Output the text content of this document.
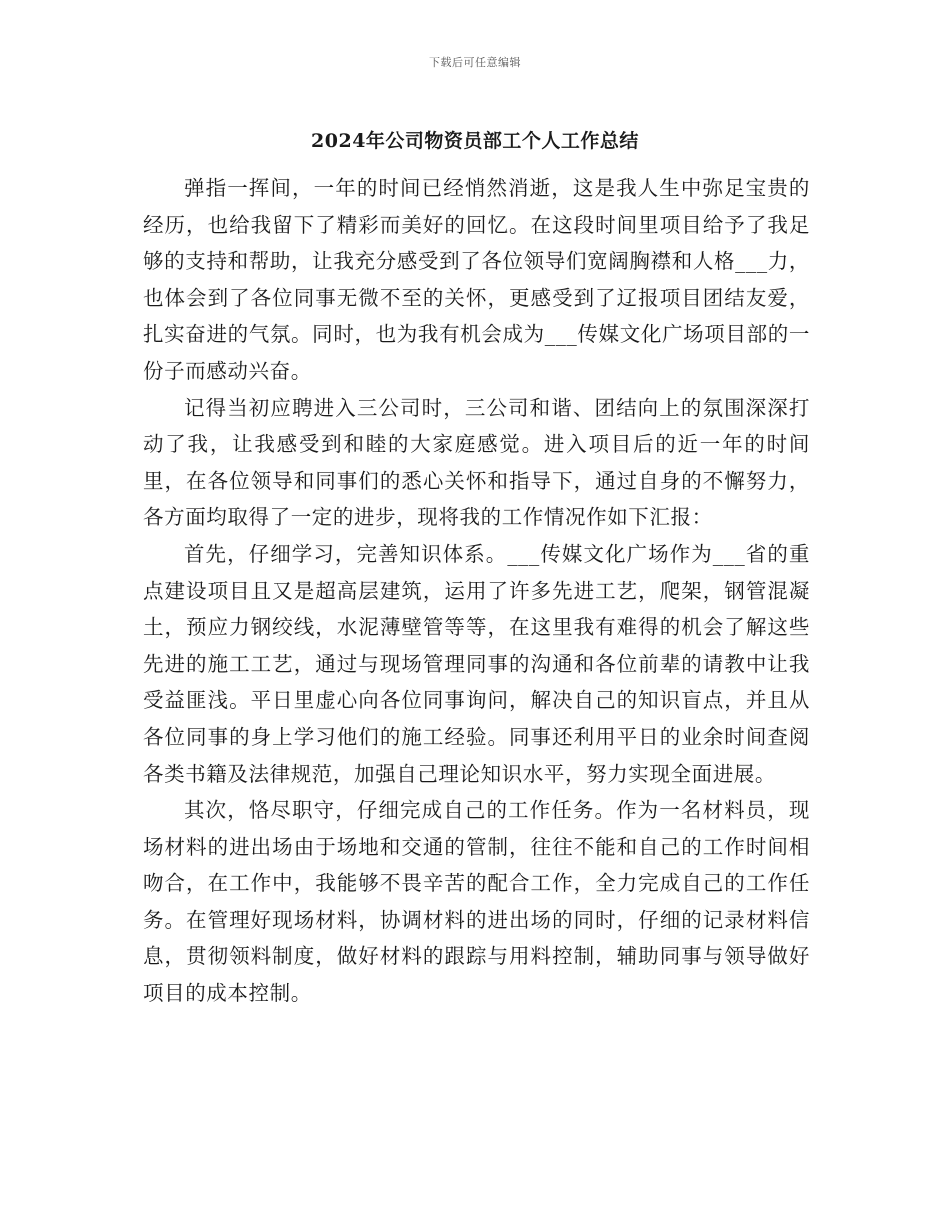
下载后可任意编辑
2024年公司物资员部工个人工作总结

弹指一挥间，一年的时间已经悄然消逝，这是我人生中弥足宝贵的经历，也给我留下了精彩而美好的回忆。在这段时间里项目给予了我足够的支持和帮助，让我充分感受到了各位领导们宽阔胸襟和人格___力，也体会到了各位同事无微不至的关怀，更感受到了辽报项目团结友爱，扎实奋进的气氛。同时，也为我有机会成为___传媒文化广场项目部的一份子而感动兴奋。

记得当初应聘进入三公司时，三公司和谐、团结向上的氛围深深打动了我，让我感受到和睦的大家庭感觉。进入项目后的近一年的时间里，在各位领导和同事们的悉心关怀和指导下，通过自身的不懈努力，各方面均取得了一定的进步，现将我的工作情况作如下汇报：

首先，仔细学习，完善知识体系。___传媒文化广场作为___省的重点建设项目且又是超高层建筑，运用了许多先进工艺，爬架，钢管混凝土，预应力钢绞线，水泥薄壁管等等，在这里我有难得的机会了解这些先进的施工工艺，通过与现场管理同事的沟通和各位前辈的请教中让我受益匪浅。平日里虚心向各位同事询问，解决自己的知识盲点，并且从各位同事的身上学习他们的施工经验。同事还利用平日的业余时间查阅各类书籍及法律规范，加强自己理论知识水平，努力实现全面进展。

其次，恪尽职守，仔细完成自己的工作任务。作为一名材料员，现场材料的进出场由于场地和交通的管制，往往不能和自己的工作时间相吻合，在工作中，我能够不畏辛苦的配合工作，全力完成自己的工作任务。在管理好现场材料，协调材料的进出场的同时，仔细的记录材料信息，贯彻领料制度，做好材料的跟踪与用料控制，辅助同事与领导做好项目的成本控制。
